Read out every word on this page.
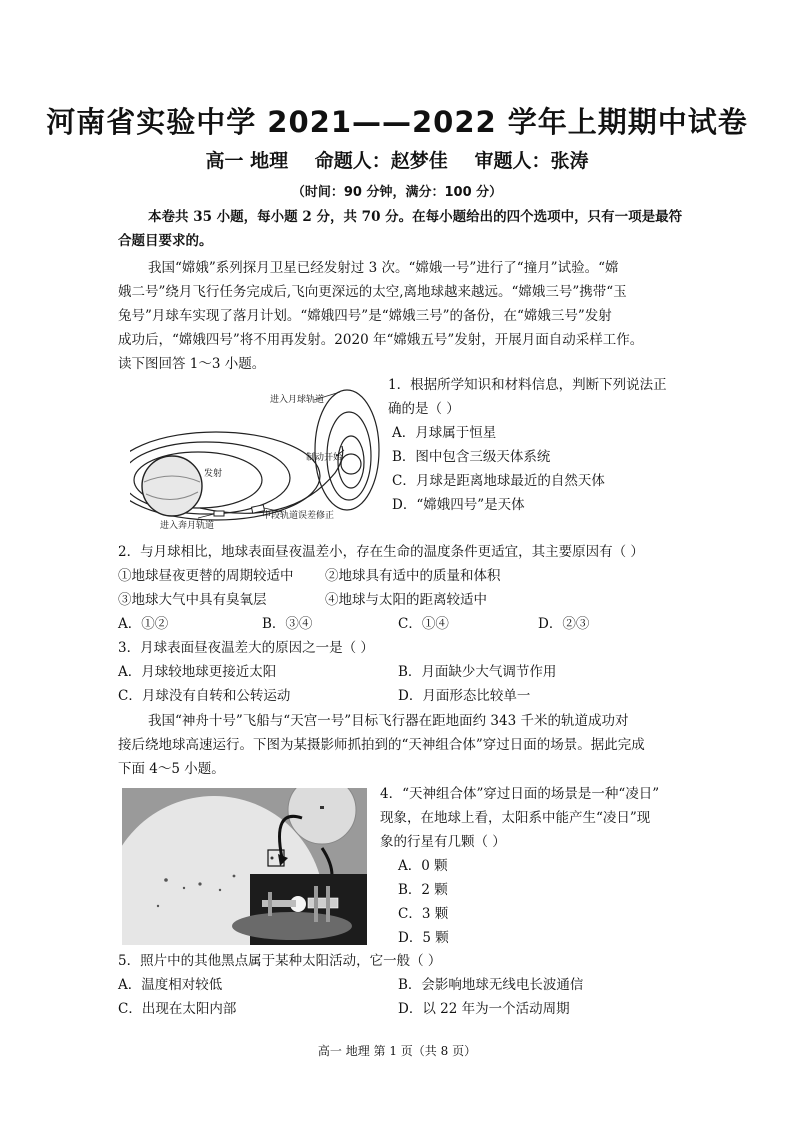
河南省实验中学 2021——2022 学年上期期中试卷
高一 地理 命题人：赵梦佳 审题人：张涛
（时间：90 分钟，满分：100 分）
本卷共 35 小题，每小题 2 分，共 70 分。在每小题给出的四个选项中，只有一项是最符
合题目要求的。
我国“嫦娥”系列探月卫星已经发射过 3 次。“嫦娥一号”进行了“撞月”试验。“嫦
娥二号”绕月飞行任务完成后,飞向更深远的太空,离地球越来越远。“嫦娥三号”携带“玉
兔号”月球车实现了落月计划。“嫦娥四号”是“嫦娥三号”的备份，在“嫦娥三号”发射
成功后，“嫦娥四号”将不用再发射。2020 年“嫦娥五号”发射，开展月面自动采样工作。
读下图回答 1～3 小题。
进入月球轨道
制动开始
发射
进入奔月轨道
中段轨道误差修正
1．根据所学知识和材料信息，判断下列说法正
确的是（ ）
A．月球属于恒星
B．图中包含三级天体系统
C．月球是距离地球最近的自然天体
D．“嫦娥四号”是天体
2．与月球相比，地球表面昼夜温差小，存在生命的温度条件更适宜，其主要原因有（ ）
①地球昼夜更替的周期较适中 ②地球具有适中的质量和体积
③地球大气中具有臭氧层	④地球与太阳的距离较适中
A．①②	B．③④	C．①④	D．②③
3．月球表面昼夜温差大的原因之一是（ ）
A．月球较地球更接近太阳	B．月面缺少大气调节作用
C．月球没有自转和公转运动	D．月面形态比较单一
我国“神舟十号”飞船与“天宫一号”目标飞行器在距地面约 343 千米的轨道成功对
接后绕地球高速运行。下图为某摄影师抓拍到的“天神组合体”穿过日面的场景。据此完成
下面 4～5 小题。
4．“天神组合体”穿过日面的场景是一种“凌日”
现象，在地球上看，太阳系中能产生“凌日”现
象的行星有几颗（ ）
A．0 颗
B．2 颗
C．3 颗
D．5 颗
5．照片中的其他黑点属于某种太阳活动，它一般（ ）
A．温度相对较低	B．会影响地球无线电长波通信
C．出现在太阳内部	D．以 22 年为一个活动周期
高一 地理 第 1 页（共 8 页）
